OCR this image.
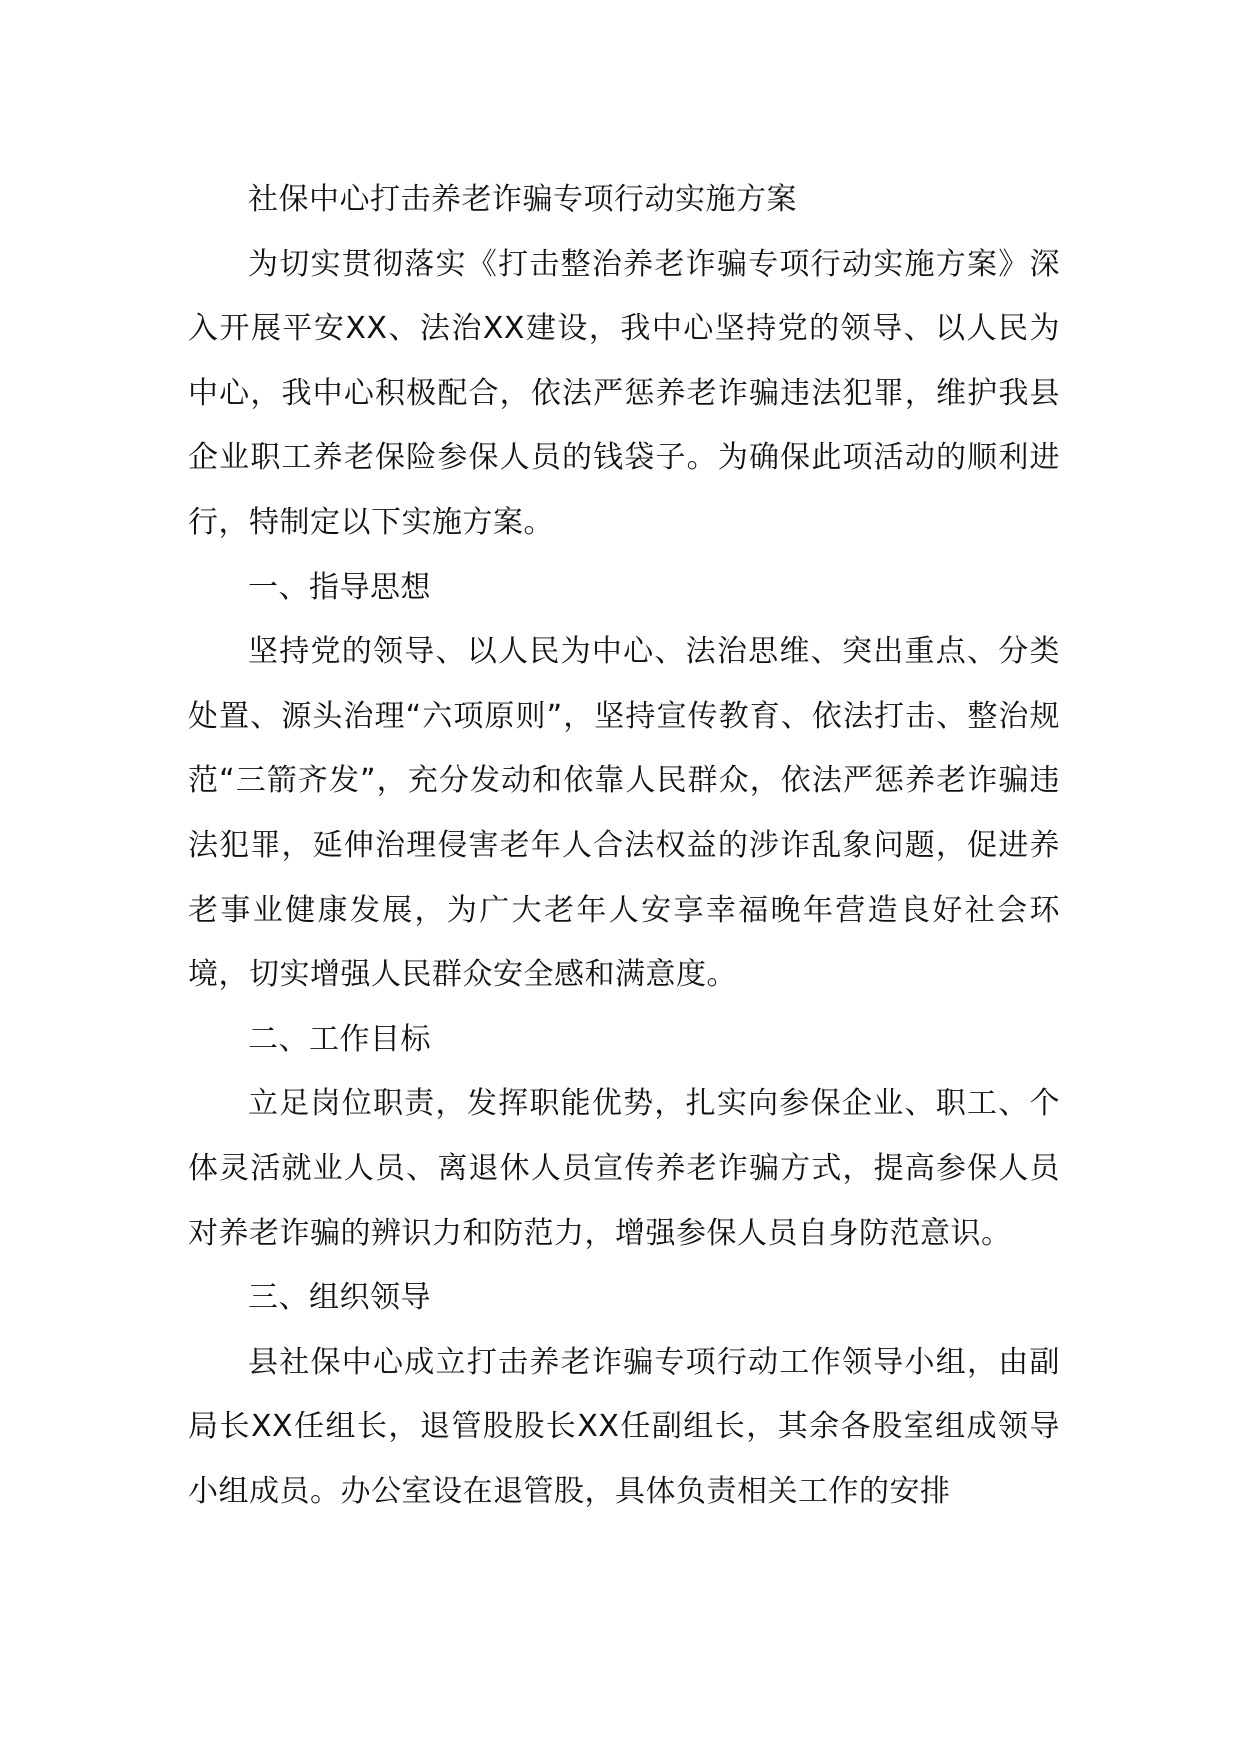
社保中心打击养老诈骗专项行动实施方案

为切实贯彻落实《打击整治养老诈骗专项行动实施方案》深入开展平安XX、法治XX建设，我中心坚持党的领导、以人民为中心，我中心积极配合，依法严惩养老诈骗违法犯罪，维护我县企业职工养老保险参保人员的钱袋子。为确保此项活动的顺利进行，特制定以下实施方案。

一、指导思想

坚持党的领导、以人民为中心、法治思维、突出重点、分类处置、源头治理“六项原则”，坚持宣传教育、依法打击、整治规范“三箭齐发”，充分发动和依靠人民群众，依法严惩养老诈骗违法犯罪，延伸治理侵害老年人合法权益的涉诈乱象问题，促进养老事业健康发展，为广大老年人安享幸福晚年营造良好社会环境，切实增强人民群众安全感和满意度。

二、工作目标

立足岗位职责，发挥职能优势，扎实向参保企业、职工、个体灵活就业人员、离退休人员宣传养老诈骗方式，提高参保人员对养老诈骗的辨识力和防范力，增强参保人员自身防范意识。

三、组织领导

县社保中心成立打击养老诈骗专项行动工作领导小组，由副局长XX任组长，退管股股长XX任副组长，其余各股室组成领导小组成员。办公室设在退管股，具体负责相关工作的安排
